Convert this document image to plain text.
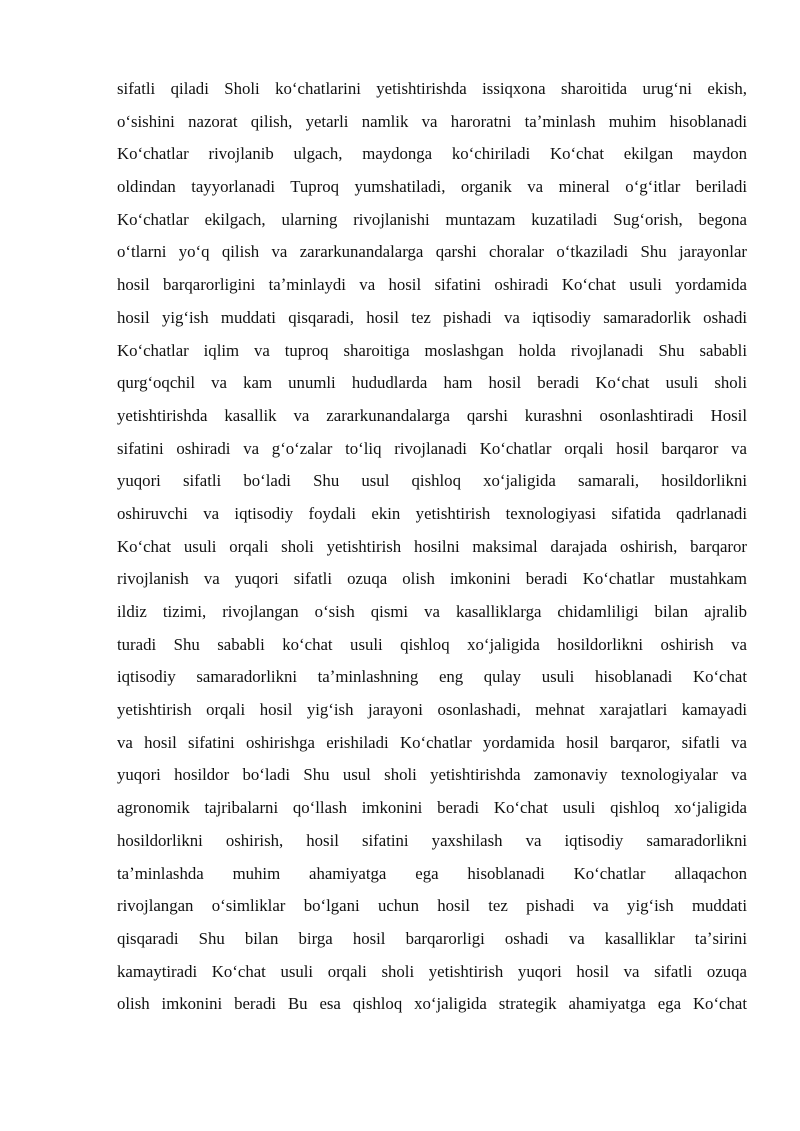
sifatli qiladi Sholi koʻchatlarini yetishtirishda issiqxona sharoitida urugʻni ekish,
oʻsishini nazorat qilish, yetarli namlik va haroratni taʼminlash muhim hisoblanadi
Koʻchatlar rivojlanib ulgach, maydonga koʻchiriladi Koʻchat ekilgan maydon
oldindan tayyorlanadi Tuproq yumshatiladi, organik va mineral oʻgʻitlar beriladi
Koʻchatlar ekilgach, ularning rivojlanishi muntazam kuzatiladi Sugʻorish, begona
oʻtlarni yoʻq qilish va zararkunandalarga qarshi choralar oʻtkaziladi Shu jarayonlar
hosil barqarorligini taʼminlaydi va hosil sifatini oshiradi Koʻchat usuli yordamida
hosil yigʻish muddati qisqaradi, hosil tez pishadi va iqtisodiy samaradorlik oshadi
Koʻchatlar iqlim va tuproq sharoitiga moslashgan holda rivojlanadi Shu sababli
qurgʻoqchil va kam unumli hududlarda ham hosil beradi Koʻchat usuli sholi
yetishtirishda kasallik va zararkunandalarga qarshi kurashni osonlashtiradi Hosil
sifatini oshiradi va gʻoʻzalar toʻliq rivojlanadi Koʻchatlar orqali hosil barqaror va
yuqori sifatli boʻladi Shu usul qishloq xoʻjaligida samarali, hosildorlikni
oshiruvchi va iqtisodiy foydali ekin yetishtirish texnologiyasi sifatida qadrlanadi
Koʻchat usuli orqali sholi yetishtirish hosilni maksimal darajada oshirish, barqaror
rivojlanish va yuqori sifatli ozuqa olish imkonini beradi Koʻchatlar mustahkam
ildiz tizimi, rivojlangan oʻsish qismi va kasalliklarga chidamliligi bilan ajralib
turadi Shu sababli koʻchat usuli qishloq xoʻjaligida hosildorlikni oshirish va
iqtisodiy samaradorlikni taʼminlashning eng qulay usuli hisoblanadi Koʻchat
yetishtirish orqali hosil yigʻish jarayoni osonlashadi, mehnat xarajatlari kamayadi
va hosil sifatini oshirishga erishiladi Koʻchatlar yordamida hosil barqaror, sifatli va
yuqori hosildor boʻladi Shu usul sholi yetishtirishda zamonaviy texnologiyalar va
agronomik tajribalarni qoʻllash imkonini beradi Koʻchat usuli qishloq xoʻjaligida
hosildorlikni oshirish, hosil sifatini yaxshilash va iqtisodiy samaradorlikni
taʼminlashda muhim ahamiyatga ega hisoblanadi Koʻchatlar allaqachon
rivojlangan oʻsimliklar boʻlgani uchun hosil tez pishadi va yigʻish muddati
qisqaradi Shu bilan birga hosil barqarorligi oshadi va kasalliklar taʼsirini
kamaytiradi Koʻchat usuli orqali sholi yetishtirish yuqori hosil va sifatli ozuqa
olish imkonini beradi Bu esa qishloq xoʻjaligida strategik ahamiyatga ega Koʻchat
